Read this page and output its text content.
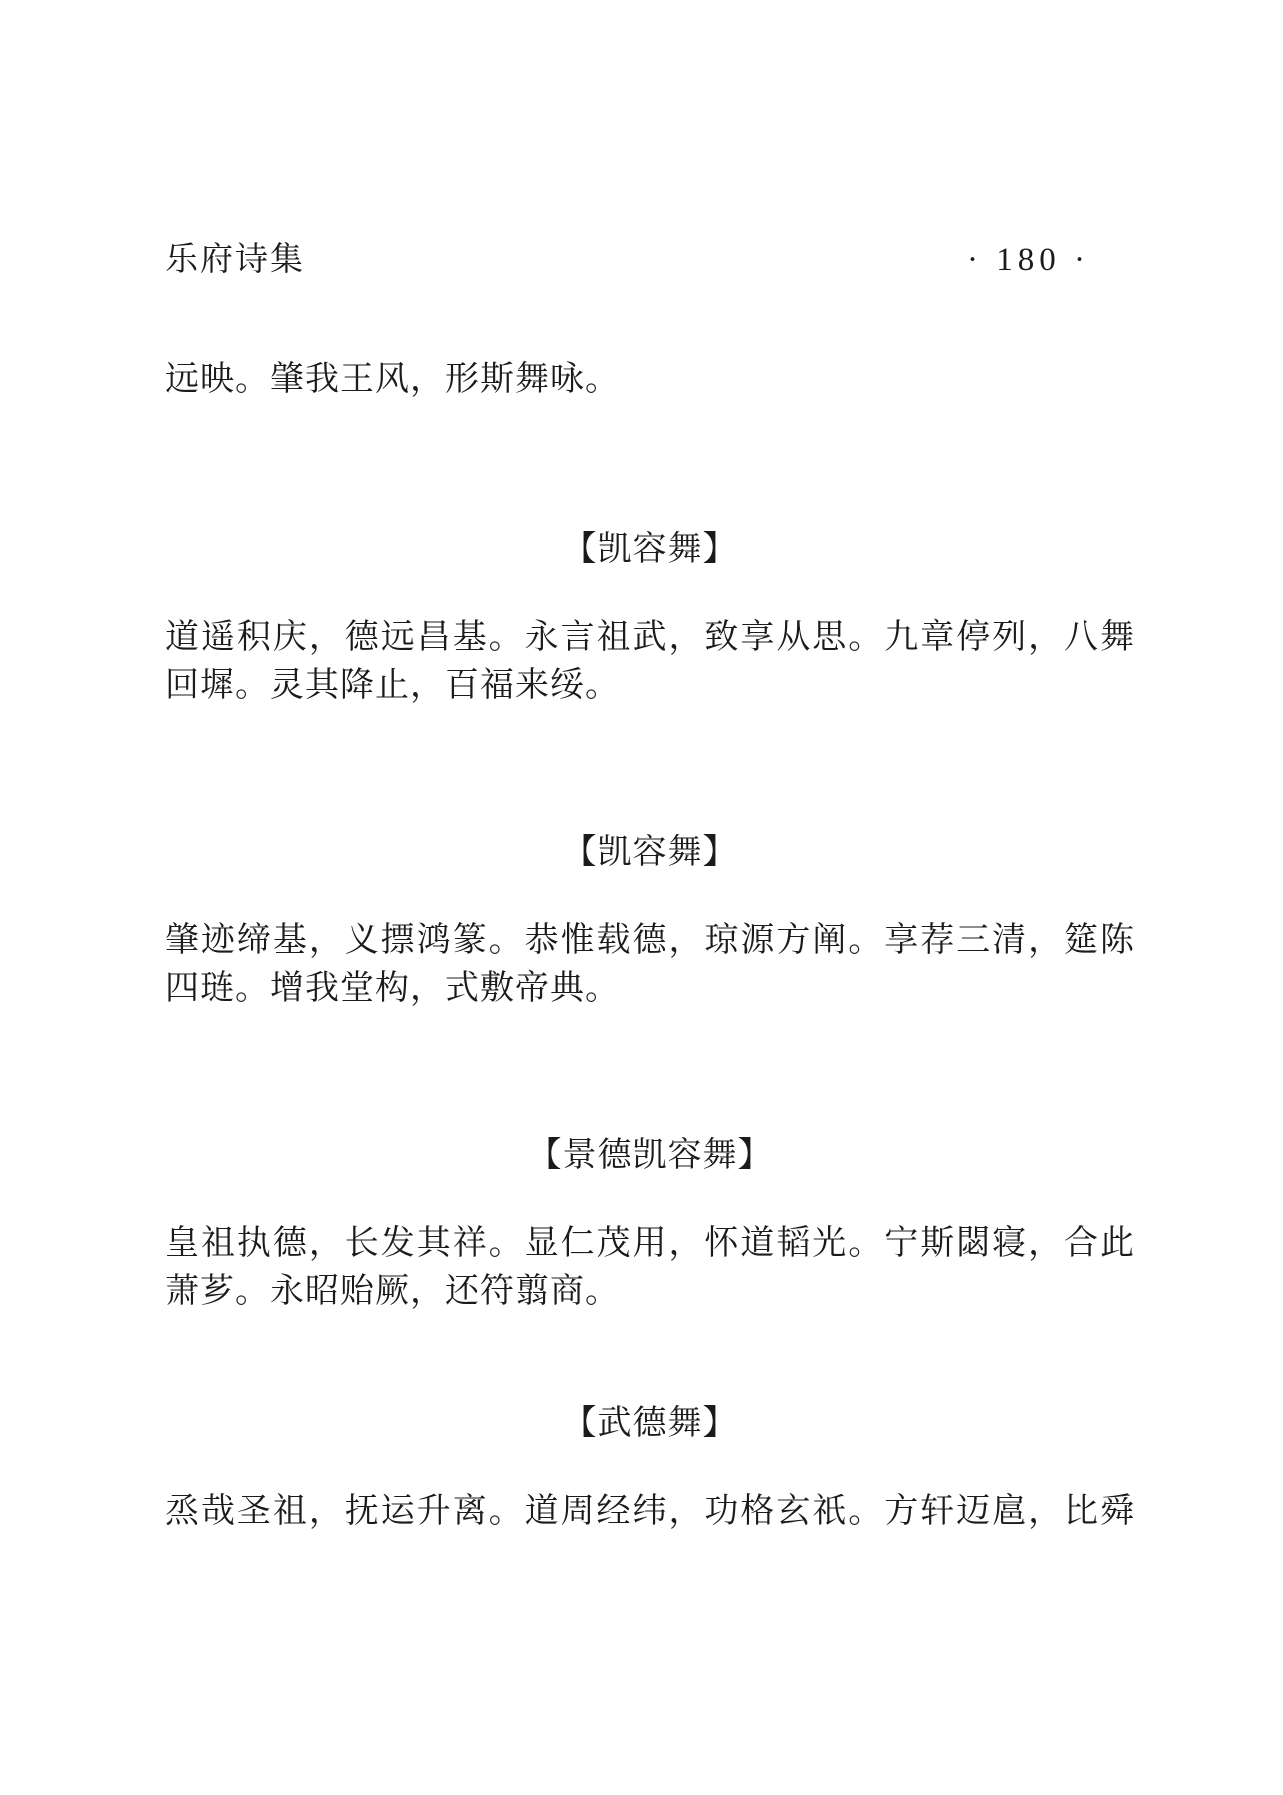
乐府诗集	· 180 ·
远映。肇我王风，形斯舞咏。
【凯容舞】
道遥积庆，德远昌基。永言祖武，致享从思。九章停列，八舞
回墀。灵其降止，百福来绥。
【凯容舞】
肇迹缔基，义摽鸿篆。恭惟载德，琼源方阐。享荐三清，筵陈
四琏。增我堂构，式敷帝典。
【景德凯容舞】
皇祖执德，长发其祥。显仁茂用，怀道韬光。宁斯閟寝，合此
萧芗。永昭贻厥，还符翦商。
【武德舞】
烝哉圣祖，抚运升离。道周经纬，功格玄祇。方轩迈扈，比舜
